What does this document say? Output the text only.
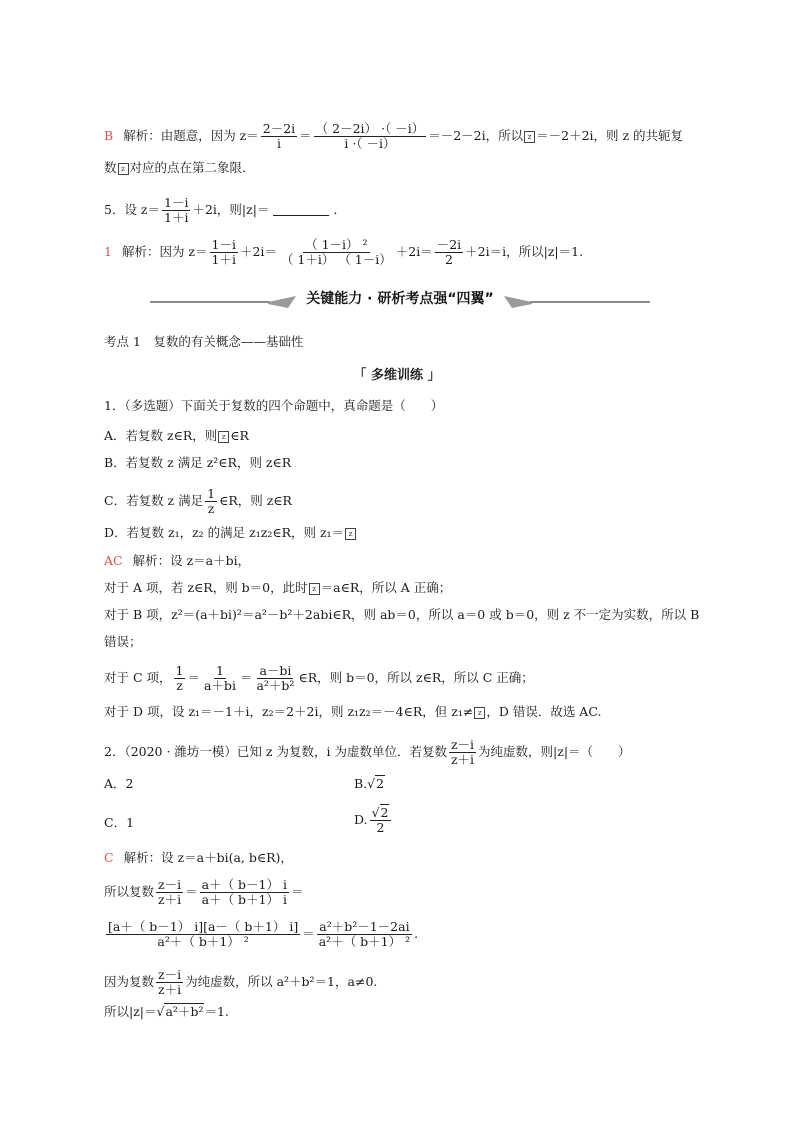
B 解析：由题意，因为 $z= \frac{2-2i}{i} = \frac{( 2-2i) \cdot( -i)}{i \cdot( -i)} =-2-2i$，所以 z ＝－2＋2i，则 z 的共轭复
数 z 对应的点在第二象限．
5．设 $z= \frac{1-i}{1+i} +2i$，则|z|＝	．
1 解析：因为 $z= \frac{1-i}{1+i} +2i= \frac{\text{（ 1－i） ²}}{( 1+i) ( 1-i)} +2i= \frac{-2i}{2} +2i=i$，所以|z|＝1.
关键能力 · 研析考点强“四翼”
考点 1　复数的有关概念——基础性
「 多维训练 」
1．（多选题）下面关于复数的四个命题中，真命题是（　　）
A．若复数 z∈R，则 z ∈R
B．若复数 z 满足 z²∈R，则 z∈R
C．若复数 z 满足 $\frac{1}{z}$ ∈R，则 z∈R
D．若复数 z₁，z₂ 的满足 z₁z₂∈R，则 z₁＝ z
AC 解析：设 z＝a＋bi，
对于 A 项，若 z∈R，则 b＝0，此时 z ＝a∈R，所以 A 正确；
对于 B 项，z²＝(a＋bi)²＝a²－b²＋2abi∈R，则 ab＝0，所以 a＝0 或 b＝0，则 z 不一定为实数，所以 B
错误；
对于 C 项， $\frac{1}{z} = \frac{1}{a+bi} = \frac{a-bi}{\text{a²＋b²}}$ ∈R，则 b＝0，所以 z∈R，所以 C 正确；
对于 D 项，设 z₁＝－1＋i，z₂＝2＋2i，则 z₁z₂＝－4∈R，但 z₁≠ z ，D 错误．故选 AC.
2．（2020 · 潍坊一模）已知 z 为复数，i 为虚数单位．若复数 $\frac{z-i}{z+i}$ 为纯虚数，则|z|＝（　　）
A．2	B.√2
C．1	D. $\frac{√2}{2}$
C 解析：设 z＝a＋bi(a, b∈R)，
所以复数 $\frac{z-i}{z+i} = \frac{a+( b-1) i}{a+( b+1) i}$ ＝
$\frac{[a+( b-1) i][a-( b+1) i]}{\text{a²＋（ b＋1） ²}} = \frac{\text{a²＋b²－1－2ai}}{\text{a²＋（ b＋1） ²}}$ .
因为复数 $\frac{z-i}{z+i}$ 为纯虚数，所以 a²＋b²＝1，a≠0.
所以|z|＝√a²＋b²＝1.
